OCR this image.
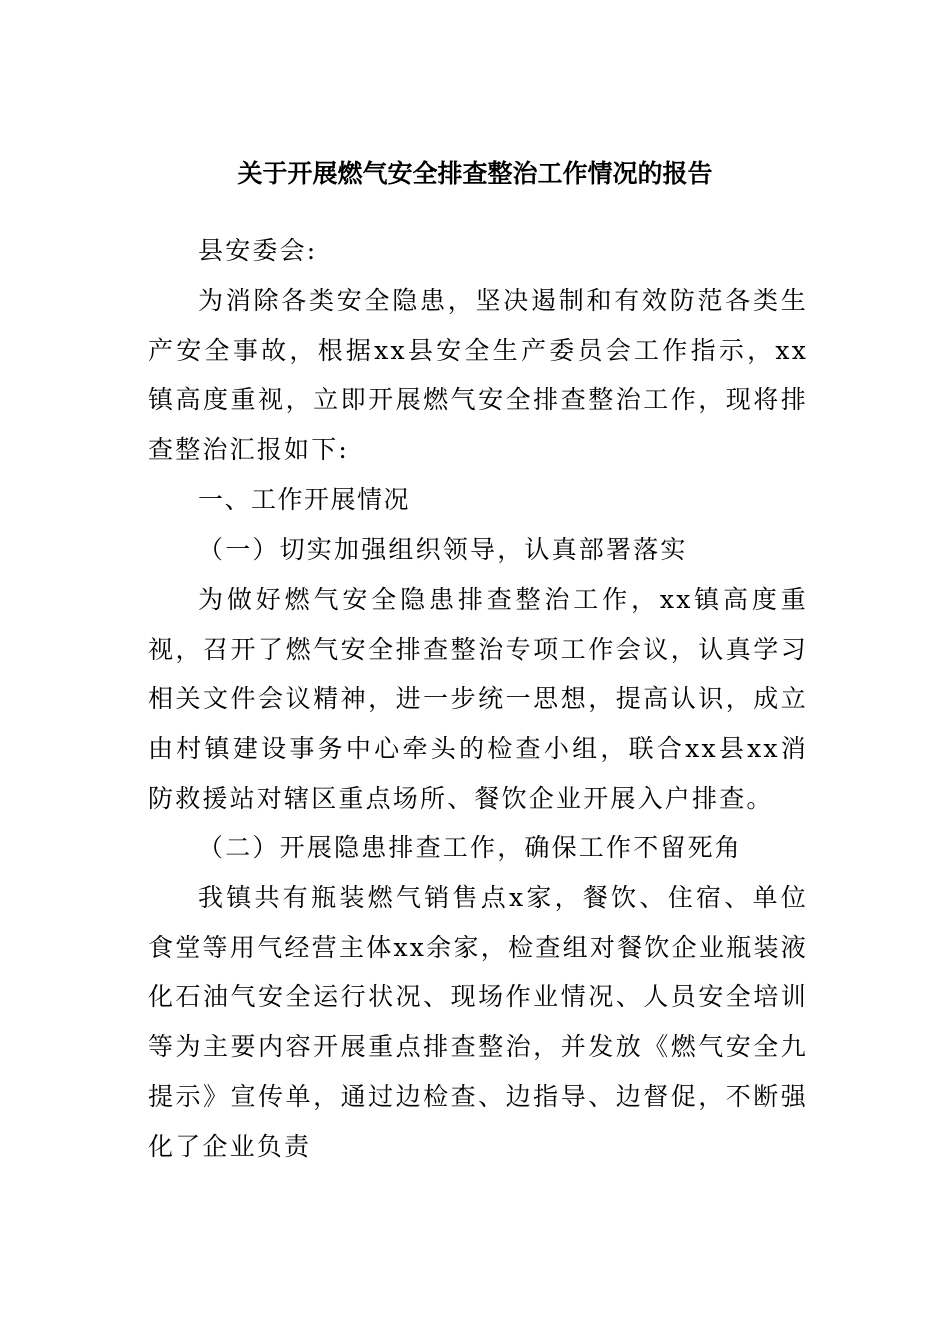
关于开展燃气安全排查整治工作情况的报告
县安委会:
为消除各类安全隐患，坚决遏制和有效防范各类生产安全事故，根据xx县安全生产委员会工作指示，xx镇高度重视，立即开展燃气安全排查整治工作，现将排查整治汇报如下:
一、工作开展情况
（一）切实加强组织领导，认真部署落实
为做好燃气安全隐患排查整治工作，xx镇高度重视，召开了燃气安全排查整治专项工作会议，认真学习相关文件会议精神，进一步统一思想，提高认识，成立由村镇建设事务中心牵头的检查小组，联合xx县xx消防救援站对辖区重点场所、餐饮企业开展入户排查。
（二）开展隐患排查工作，确保工作不留死角
我镇共有瓶装燃气销售点x家，餐饮、住宿、单位食堂等用气经营主体xx余家，检查组对餐饮企业瓶装液化石油气安全运行状况、现场作业情况、人员安全培训等为主要内容开展重点排查整治，并发放《燃气安全九提示》宣传单，通过边检查、边指导、边督促，不断强化了企业负责
